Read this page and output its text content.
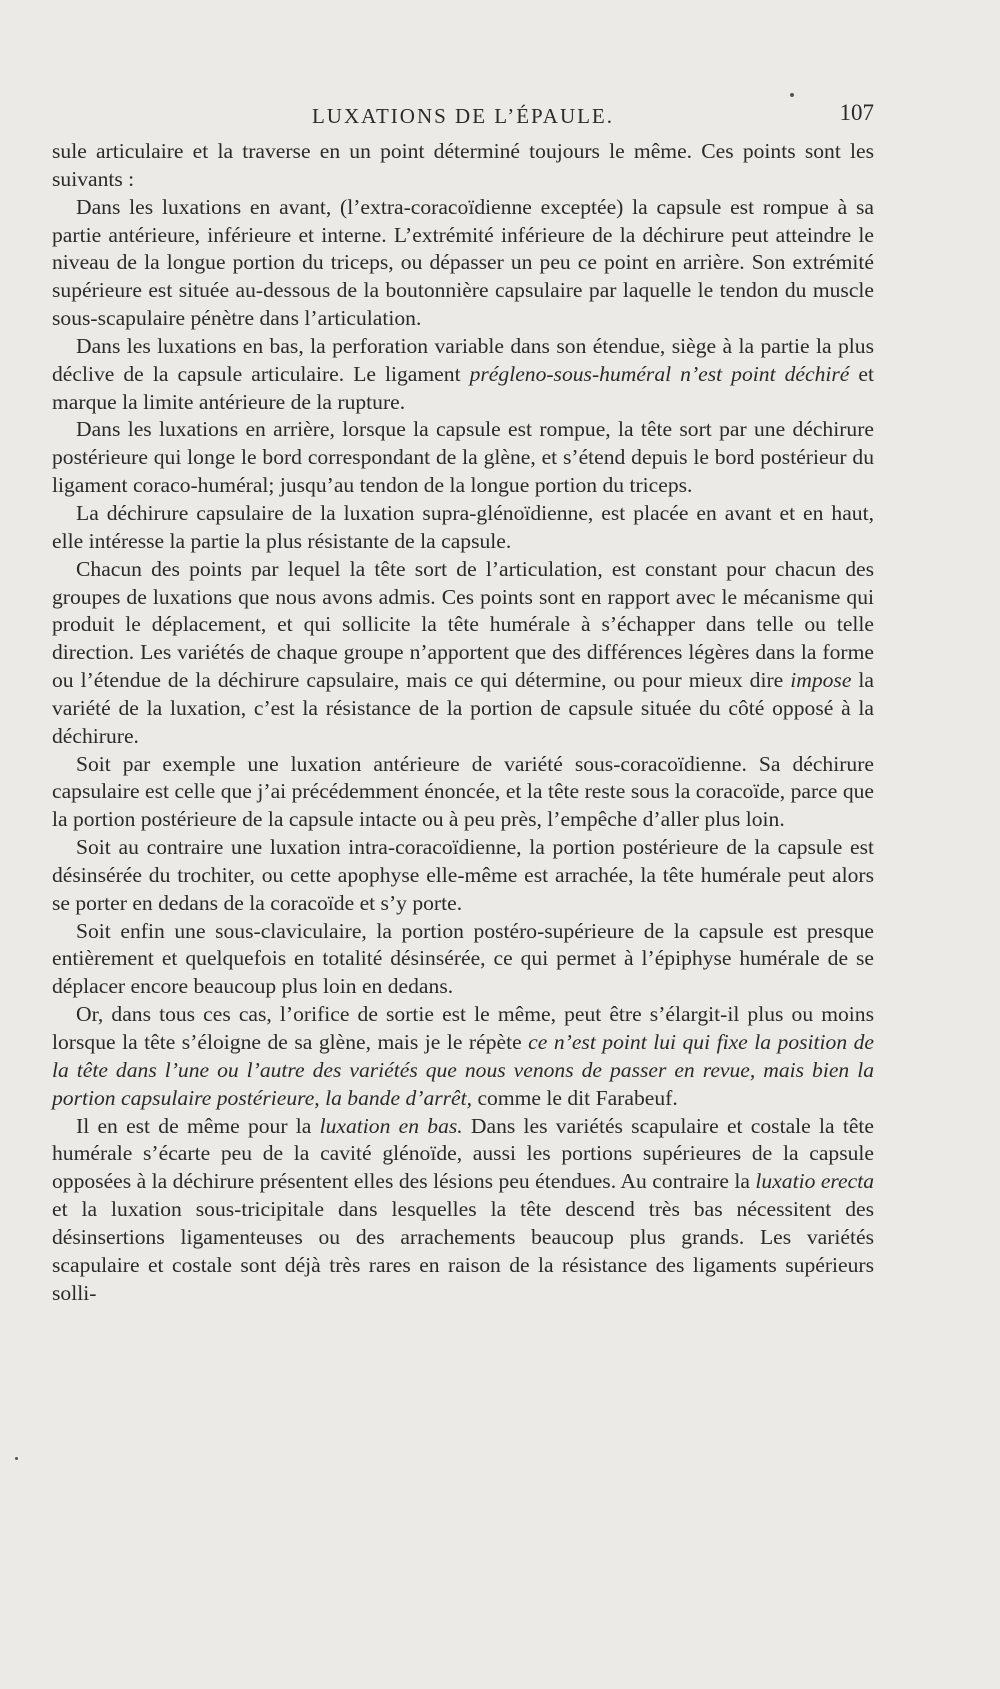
LUXATIONS DE L’ÉPAULE.	107

sule articulaire et la traverse en un point déterminé toujours le même. Ces points sont les suivants :

Dans les luxations en avant, (l’extra-coracoïdienne exceptée) la capsule est rompue à sa partie antérieure, inférieure et interne. L’extrémité inférieure de la déchirure peut atteindre le niveau de la longue portion du triceps, ou dépasser un peu ce point en arrière. Son extrémité supérieure est située au-dessous de la boutonnière capsulaire par laquelle le tendon du muscle sous-scapulaire pénètre dans l’articulation.

Dans les luxations en bas, la perforation variable dans son étendue, siège à la partie la plus déclive de la capsule articulaire. Le ligament prégleno-sous-huméral n’est point déchiré et marque la limite antérieure de la rupture.

Dans les luxations en arrière, lorsque la capsule est rompue, la tête sort par une déchirure postérieure qui longe le bord correspondant de la glène, et s’étend depuis le bord postérieur du ligament coraco-huméral; jusqu’au tendon de la longue portion du triceps.

La déchirure capsulaire de la luxation supra-glénoïdienne, est placée en avant et en haut, elle intéresse la partie la plus résistante de la capsule.

Chacun des points par lequel la tête sort de l’articulation, est constant pour chacun des groupes de luxations que nous avons admis. Ces points sont en rapport avec le mécanisme qui produit le déplacement, et qui sollicite la tête humérale à s’échapper dans telle ou telle direction. Les variétés de chaque groupe n’apportent que des différences légères dans la forme ou l’étendue de la déchirure capsulaire, mais ce qui détermine, ou pour mieux dire impose la variété de la luxation, c’est la résistance de la portion de capsule située du côté opposé à la déchirure.

Soit par exemple une luxation antérieure de variété sous-coracoïdienne. Sa déchirure capsulaire est celle que j’ai précédemment énoncée, et la tête reste sous la coracoïde, parce que la portion postérieure de la capsule intacte ou à peu près, l’empêche d’aller plus loin.

Soit au contraire une luxation intra-coracoïdienne, la portion postérieure de la capsule est désinsérée du trochiter, ou cette apophyse elle-même est arrachée, la tête humérale peut alors se porter en dedans de la coracoïde et s’y porte.

Soit enfin une sous-claviculaire, la portion postéro-supérieure de la capsule est presque entièrement et quelquefois en totalité désinsérée, ce qui permet à l’épiphyse humérale de se déplacer encore beaucoup plus loin en dedans.

Or, dans tous ces cas, l’orifice de sortie est le même, peut être s’élargit-il plus ou moins lorsque la tête s’éloigne de sa glène, mais je le répète ce n’est point lui qui fixe la position de la tête dans l’une ou l’autre des variétés que nous venons de passer en revue, mais bien la portion capsulaire postérieure, la bande d’arrêt, comme le dit Farabeuf.

Il en est de même pour la luxation en bas. Dans les variétés scapulaire et costale la tête humérale s’écarte peu de la cavité glénoïde, aussi les portions supérieures de la capsule opposées à la déchirure présentent elles des lésions peu étendues. Au contraire la luxatio erecta et la luxation sous-tricipitale dans lesquelles la tête descend très bas nécessitent des désinsertions ligamenteuses ou des arrachements beaucoup plus grands. Les variétés scapulaire et costale sont déjà très rares en raison de la résistance des ligaments supérieurs solli-
